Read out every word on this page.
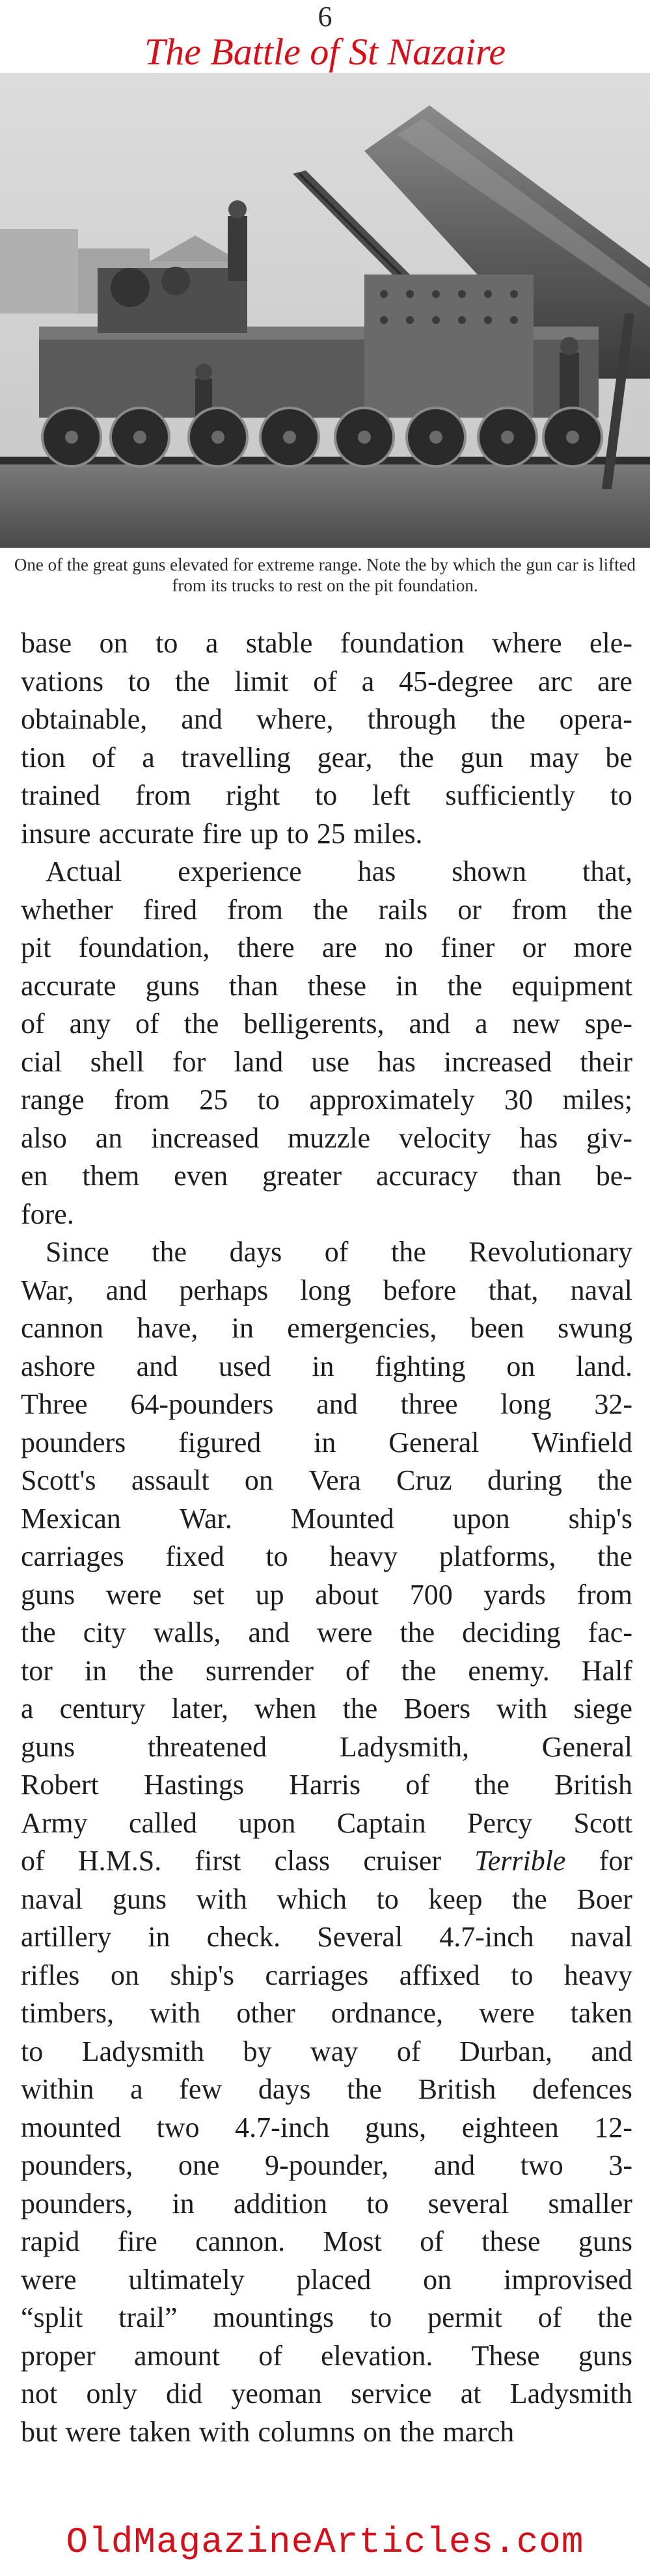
6
The Battle of St Nazaire
One of the great guns elevated for extreme range. Note the by which the gun car is lifted from its trucks to rest on the pit foundation.
base on to a stable foundation where ele-
vations to the limit of a 45-degree arc are
obtainable, and where, through the opera-
tion of a travelling gear, the gun may be
trained from right to left sufficiently to
insure accurate fire up to 25 miles.
Actual experience has shown that,
whether fired from the rails or from the
pit foundation, there are no finer or more
accurate guns than these in the equipment
of any of the belligerents, and a new spe-
cial shell for land use has increased their
range from 25 to approximately 30 miles;
also an increased muzzle velocity has giv-
en them even greater accuracy than be-
fore.
Since the days of the Revolutionary
War, and perhaps long before that, naval
cannon have, in emergencies, been swung
ashore and used in fighting on land.
Three 64-pounders and three long 32-
pounders figured in General Winfield
Scott's assault on Vera Cruz during the
Mexican War. Mounted upon ship's
carriages fixed to heavy platforms, the
guns were set up about 700 yards from
the city walls, and were the deciding fac-
tor in the surrender of the enemy. Half
a century later, when the Boers with siege
guns	threatened	Ladysmith,	General
Robert Hastings Harris of the British
Army called upon Captain Percy Scott
of H.M.S. first class cruiser Terrible for
naval guns with which to keep the Boer
artillery in check. Several 4.7-inch naval
rifles on ship's carriages affixed to heavy
timbers, with other ordnance, were taken
to Ladysmith by way of Durban, and
within a few days the British defences
mounted two 4.7-inch guns, eighteen 12-
pounders, one 9-pounder, and two 3-
pounders, in addition to several smaller
rapid fire cannon. Most of these guns
were ultimately placed on improvised
“split trail” mountings to permit of the
proper amount of elevation. These guns
not only did yeoman service at Ladysmith
but were taken with columns on the march
OldMagazineArticles.com
